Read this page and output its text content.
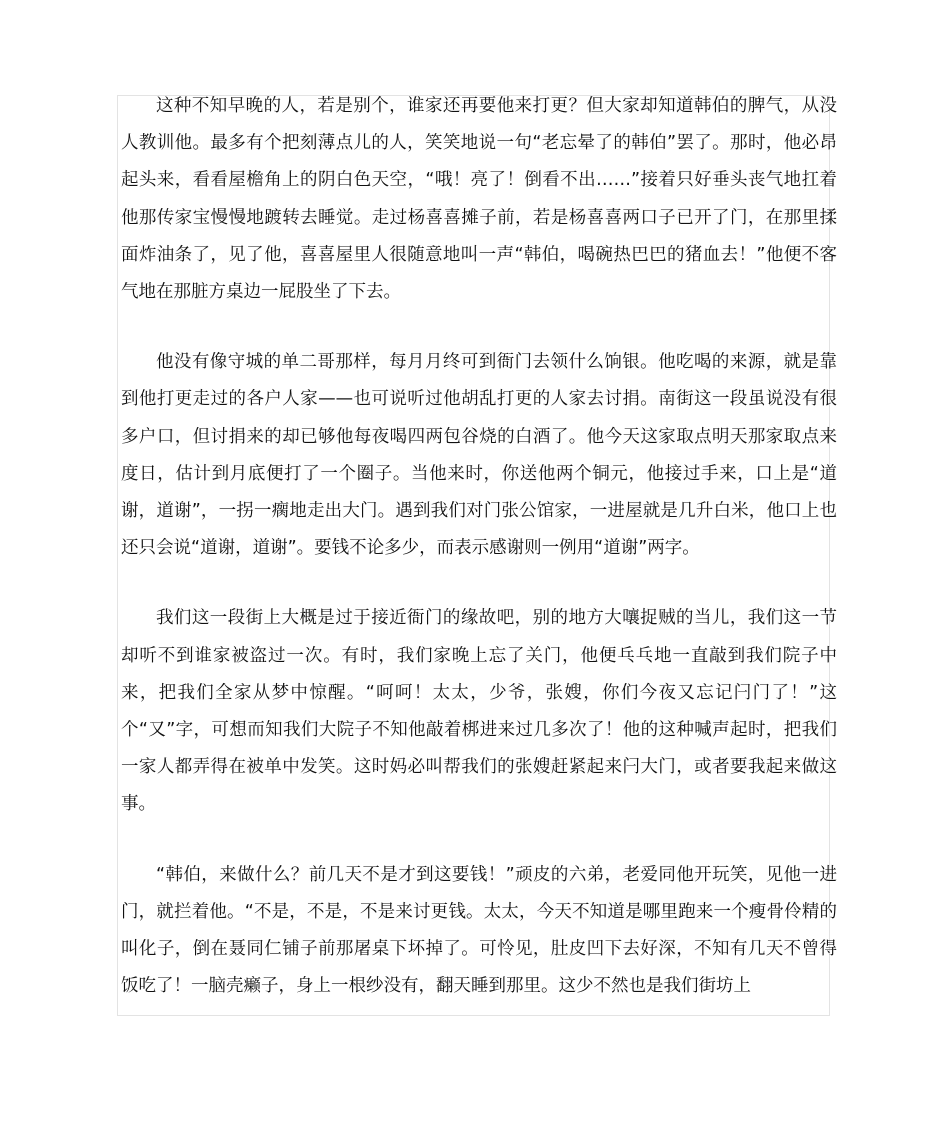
这种不知早晚的人，若是别个，谁家还再要他来打更？但大家却知道韩伯的脾气，从没人教训他。最多有个把刻薄点儿的人，笑笑地说一句“老忘晕了的韩伯”罢了。那时，他必昂起头来，看看屋檐角上的阴白色天空，“哦！亮了！倒看不出……”接着只好垂头丧气地扛着他那传家宝慢慢地踱转去睡觉。走过杨喜喜摊子前，若是杨喜喜两口子已开了门，在那里揉面炸油条了，见了他，喜喜屋里人很随意地叫一声“韩伯，喝碗热巴巴的猪血去！”他便不客气地在那脏方桌边一屁股坐了下去。

他没有像守城的单二哥那样，每月月终可到衙门去领什么饷银。他吃喝的来源，就是靠到他打更走过的各户人家——也可说听过他胡乱打更的人家去讨捐。南街这一段虽说没有很多户口，但讨捐来的却已够他每夜喝四两包谷烧的白酒了。他今天这家取点明天那家取点来度日，估计到月底便打了一个圈子。当他来时，你送他两个铜元，他接过手来，口上是“道谢，道谢”，一拐一瘸地走出大门。遇到我们对门张公馆家，一进屋就是几升白米，他口上也还只会说“道谢，道谢”。要钱不论多少，而表示感谢则一例用“道谢”两字。

我们这一段街上大概是过于接近衙门的缘故吧，别的地方大嚷捉贼的当儿，我们这一节却听不到谁家被盗过一次。有时，我们家晚上忘了关门，他便乓乓地一直敲到我们院子中来，把我们全家从梦中惊醒。“呵呵！太太，少爷，张嫂，你们今夜又忘记闩门了！”这个“又”字，可想而知我们大院子不知他敲着梆进来过几多次了！他的这种喊声起时，把我们一家人都弄得在被单中发笑。这时妈必叫帮我们的张嫂赶紧起来闩大门，或者要我起来做这事。

“韩伯，来做什么？前几天不是才到这要钱！”顽皮的六弟，老爱同他开玩笑，见他一进门，就拦着他。“不是，不是，不是来讨更钱。太太，今天不知道是哪里跑来一个瘦骨伶精的叫化子，倒在聂同仁铺子前那屠桌下坏掉了。可怜见，肚皮凹下去好深，不知有几天不曾得饭吃了！一脑壳癞子，身上一根纱没有，翻天睡到那里。这少不然也是我们街坊上
